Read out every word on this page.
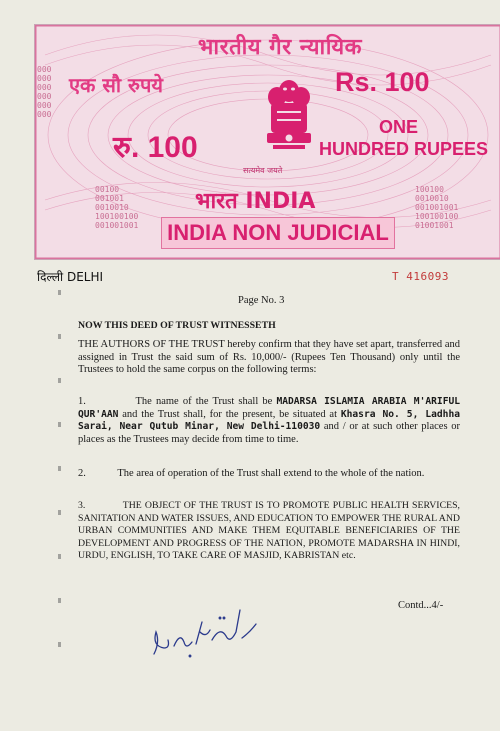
000000000000000000
भारतीय गैर न्यायिक
एक सौ रुपये	Rs. 100
रु. 100
ONE
HUNDRED RUPEES
सत्यमेव जयते
00100
001001
0010010
100100100
001001001
100100
0010010
001001001
100100100
01001001
भारत INDIA
INDIA NON JUDICIAL
दिल्ली DELHI	T 416093
Page No. 3
NOW THIS DEED OF TRUST WITNESSETH
THE AUTHORS OF THE TRUST hereby confirm that they have set apart, transferred and assigned in Trust the said sum of Rs. 10,000/- (Rupees Ten Thousand) only until the Trustees to hold the same corpus on the following terms:
1.	The name of the Trust shall be MADARSA ISLAMIA ARABIA M'ARIFUL QUR'AAN and the Trust shall, for the present, be situated at Khasra No. 5, Ladhha Sarai, Near Qutub Minar, New Delhi-110030 and / or at such other places or places as the Trustees may decide from time to time.
2.	The area of operation of the Trust shall extend to the whole of the nation.
3.	THE OBJECT OF THE TRUST IS TO PROMOTE PUBLIC HEALTH SERVICES, SANITATION AND WATER ISSUES, AND EDUCATION TO EMPOWER THE RURAL AND URBAN COMMUNITIES AND MAKE THEM EQUITABLE BENEFICIARIES OF THE DEVELOPMENT AND PROGRESS OF THE NATION, PROMOTE MADARSHA IN HINDI, URDU, ENGLISH, TO TAKE CARE OF MASJID, KABRISTAN etc.
Contd...4/-
